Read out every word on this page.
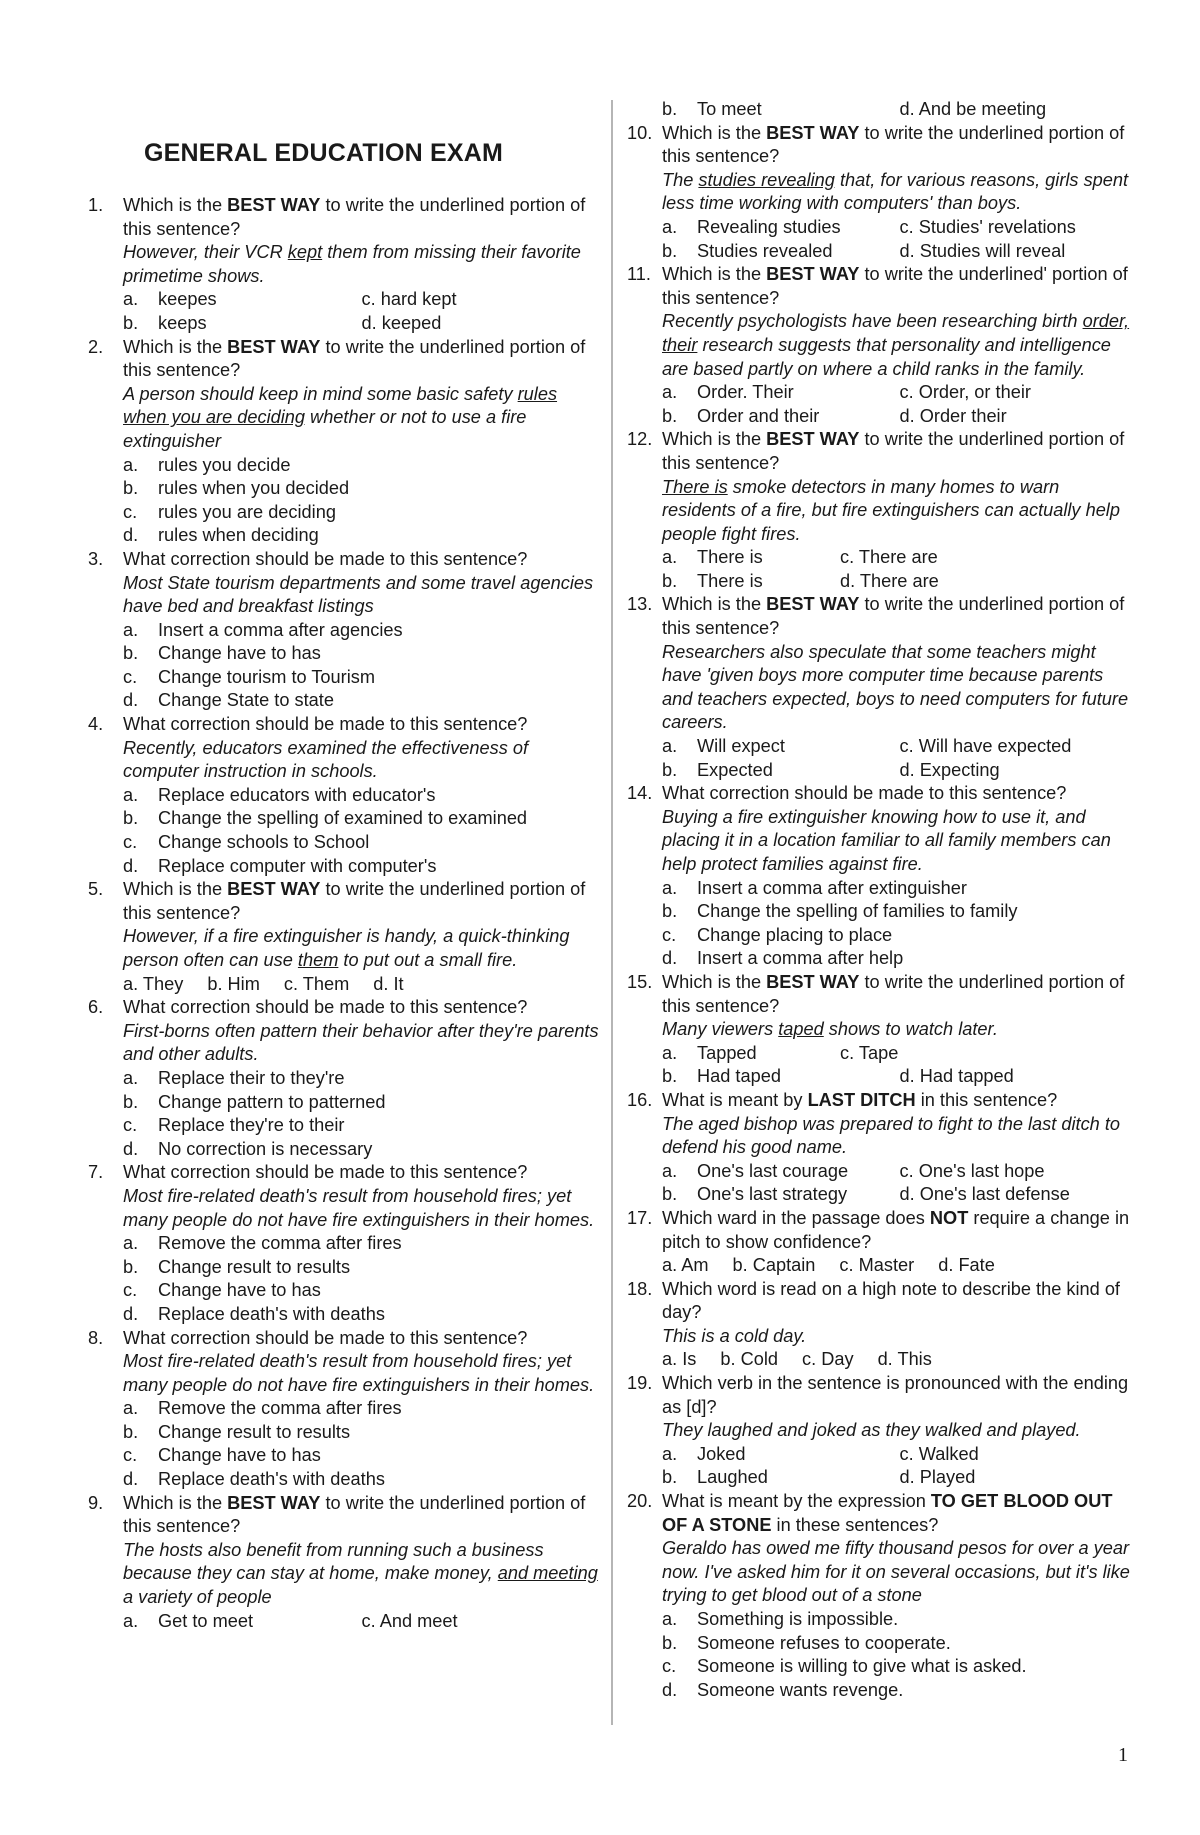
GENERAL EDUCATION EXAM
1.	Which is the BEST WAY to write the underlined portion of this sentence?
However, their VCR kept them from missing their favorite primetime shows.
a.	keepes	c. hard kept
b.	keeps	d. keeped
2.	Which is the BEST WAY to write the underlined portion of this sentence?
A person should keep in mind some basic safety rules when you are deciding whether or not to use a fire extinguisher
a.	rules you decide
b.	rules when you decided
c.	rules you are deciding
d.	rules when deciding
3.	What correction should be made to this sentence?
Most State tourism departments and some travel agencies have bed and breakfast listings
a.	Insert a comma after agencies
b.	Change have to has
c.	Change tourism to Tourism
d.	Change State to state
4.	What correction should be made to this sentence?
Recently, educators examined the effectiveness of computer instruction in schools.
a.	Replace educators with educator's
b.	Change the spelling of examined to examined
c.	Change schools to School
d.	Replace computer with computer's
5.	Which is the BEST WAY to write the underlined portion of this sentence?
However, if a fire extinguisher is handy, a quick-thinking person often can use them to put out a small fire.
a. They b. Him c. Them d. It
6.	What correction should be made to this sentence?
First-borns often pattern their behavior after they're parents and other adults.
a.	Replace their to they're
b.	Change pattern to patterned
c.	Replace they're to their
d.	No correction is necessary
7.	What correction should be made to this sentence?
Most fire-related death's result from household fires; yet many people do not have fire extinguishers in their homes.
a.	Remove the comma after fires
b.	Change result to results
c.	Change have to has
d.	Replace death's with deaths
8.	What correction should be made to this sentence?
Most fire-related death's result from household fires; yet many people do not have fire extinguishers in their homes.
a.	Remove the comma after fires
b.	Change result to results
c.	Change have to has
d.	Replace death's with deaths
9.	Which is the BEST WAY to write the underlined portion of this sentence?
The hosts also benefit from running such a business because they can stay at home, make money, and meeting a variety of people
a.	Get to meet	c. And meet
b.	To meet	d. And be meeting
10. Which is the BEST WAY to write the underlined portion of this sentence?
The studies revealing that, for various reasons, girls spent less time working with computers' than boys.
a.	Revealing studies	c. Studies' revelations
b.	Studies revealed	d. Studies will reveal
11. Which is the BEST WAY to write the underlined' portion of this sentence?
Recently psychologists have been researching birth order, their research suggests that personality and intelligence are based partly on where a child ranks in the family.
a.	Order. Their	c. Order, or their
b.	Order and their	d. Order their
12. Which is the BEST WAY to write the underlined portion of this sentence?
There is smoke detectors in many homes to warn residents of a fire, but fire extinguishers can actually help people fight fires.
a.	There is	c. There are
b.	There is	d. There are
13. Which is the BEST WAY to write the underlined portion of this sentence?
Researchers also speculate that some teachers might have 'given boys more computer time because parents and teachers expected, boys to need computers for future careers.
a.	Will expect	c. Will have expected
b.	Expected	d. Expecting
14. What correction should be made to this sentence?
Buying a fire extinguisher knowing how to use it, and placing it in a location familiar to all family members can help protect families against fire.
a.	Insert a comma after extinguisher
b.	Change the spelling of families to family
c.	Change placing to place
d.	Insert a comma after help
15. Which is the BEST WAY to write the underlined portion of this sentence?
Many viewers taped shows to watch later.
a.	Tapped	c. Tape
b.	Had taped	d. Had tapped
16. What is meant by LAST DITCH in this sentence?
The aged bishop was prepared to fight to the last ditch to defend his good name.
a.	One's last courage	c. One's last hope
b.	One's last strategy	d. One's last defense
17. Which ward in the passage does NOT require a change in pitch to show confidence?
a. Am b. Captain c. Master d. Fate
18. Which word is read on a high note to describe the kind of day?
This is a cold day.
a. Is b. Cold c. Day d. This
19. Which verb in the sentence is pronounced with the ending as [d]?
They laughed and joked as they walked and played.
a.	Joked	c. Walked
b.	Laughed	d. Played
20. What is meant by the expression TO GET BLOOD OUT OF A STONE in these sentences?
Geraldo has owed me fifty thousand pesos for over a year now. I've asked him for it on several occasions, but it's like trying to get blood out of a stone
a.	Something is impossible.
b.	Someone refuses to cooperate.
c.	Someone is willing to give what is asked.
d.	Someone wants revenge.
1
